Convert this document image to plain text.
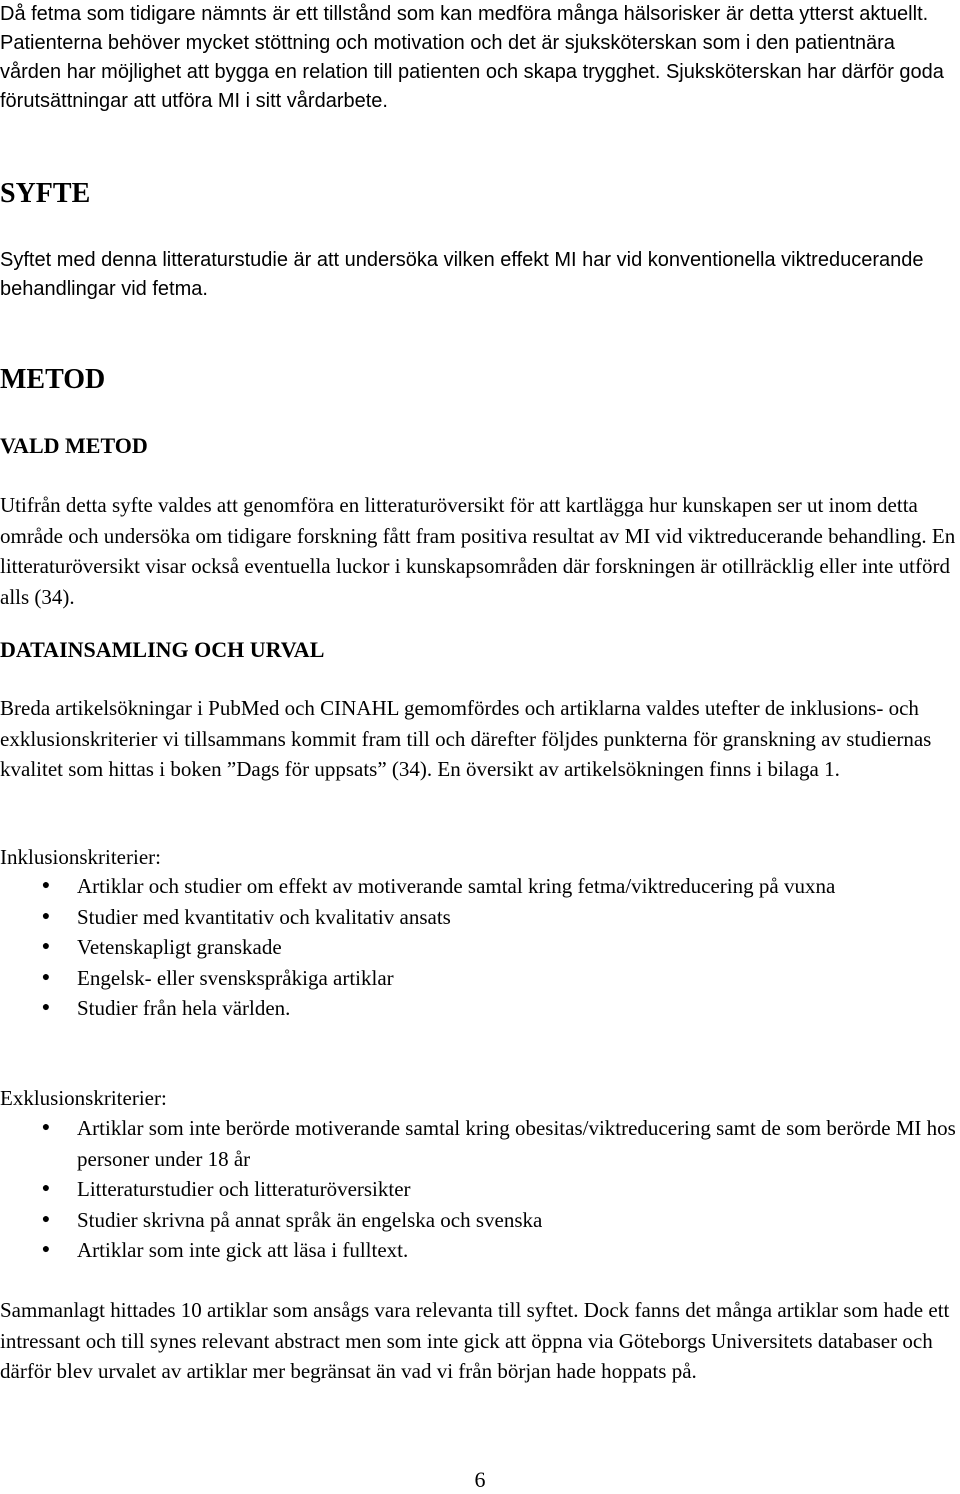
Då fetma som tidigare nämnts är ett tillstånd som kan medföra många hälsorisker är detta ytterst aktuellt. Patienterna behöver mycket stöttning och motivation och det är sjuksköterskan som i den patientnära vården har möjlighet att bygga en relation till patienten och skapa trygghet. Sjuksköterskan har därför goda förutsättningar att utföra MI i sitt vårdarbete.

SYFTE

Syftet med denna litteraturstudie är att undersöka vilken effekt MI har vid konventionella viktreducerande behandlingar vid fetma.

METOD
VALD METOD

Utifrån detta syfte valdes att genomföra en litteraturöversikt för att kartlägga hur kunskapen ser ut inom detta område och undersöka om tidigare forskning fått fram positiva resultat av MI vid viktreducerande behandling. En litteraturöversikt visar också eventuella luckor i kunskapsområden där forskningen är otillräcklig eller inte utförd alls (34).

DATAINSAMLING OCH URVAL

Breda artikelsökningar i PubMed och CINAHL gemomfördes och artiklarna valdes utefter de inklusions- och exklusionskriterier vi tillsammans kommit fram till och därefter följdes punkterna för granskning av studiernas kvalitet som hittas i boken ”Dags för uppsats” (34). En översikt av artikelsökningen finns i bilaga 1.

Inklusionskriterier:
● Artiklar och studier om effekt av motiverande samtal kring fetma/viktreducering på vuxna
● Studier med kvantitativ och kvalitativ ansats
● Vetenskapligt granskade
● Engelsk- eller svenskspråkiga artiklar
● Studier från hela världen.
Exklusionskriterier:
● Artiklar som inte berörde motiverande samtal kring obesitas/viktreducering samt de som berörde MI hos personer under 18 år
● Litteraturstudier och litteraturöversikter
● Studier skrivna på annat språk än engelska och svenska
● Artiklar som inte gick att läsa i fulltext.

Sammanlagt hittades 10 artiklar som ansågs vara relevanta till syftet. Dock fanns det många artiklar som hade ett intressant och till synes relevant abstract men som inte gick att öppna via Göteborgs Universitets databaser och därför blev urvalet av artiklar mer begränsat än vad vi från början hade hoppats på.

6
